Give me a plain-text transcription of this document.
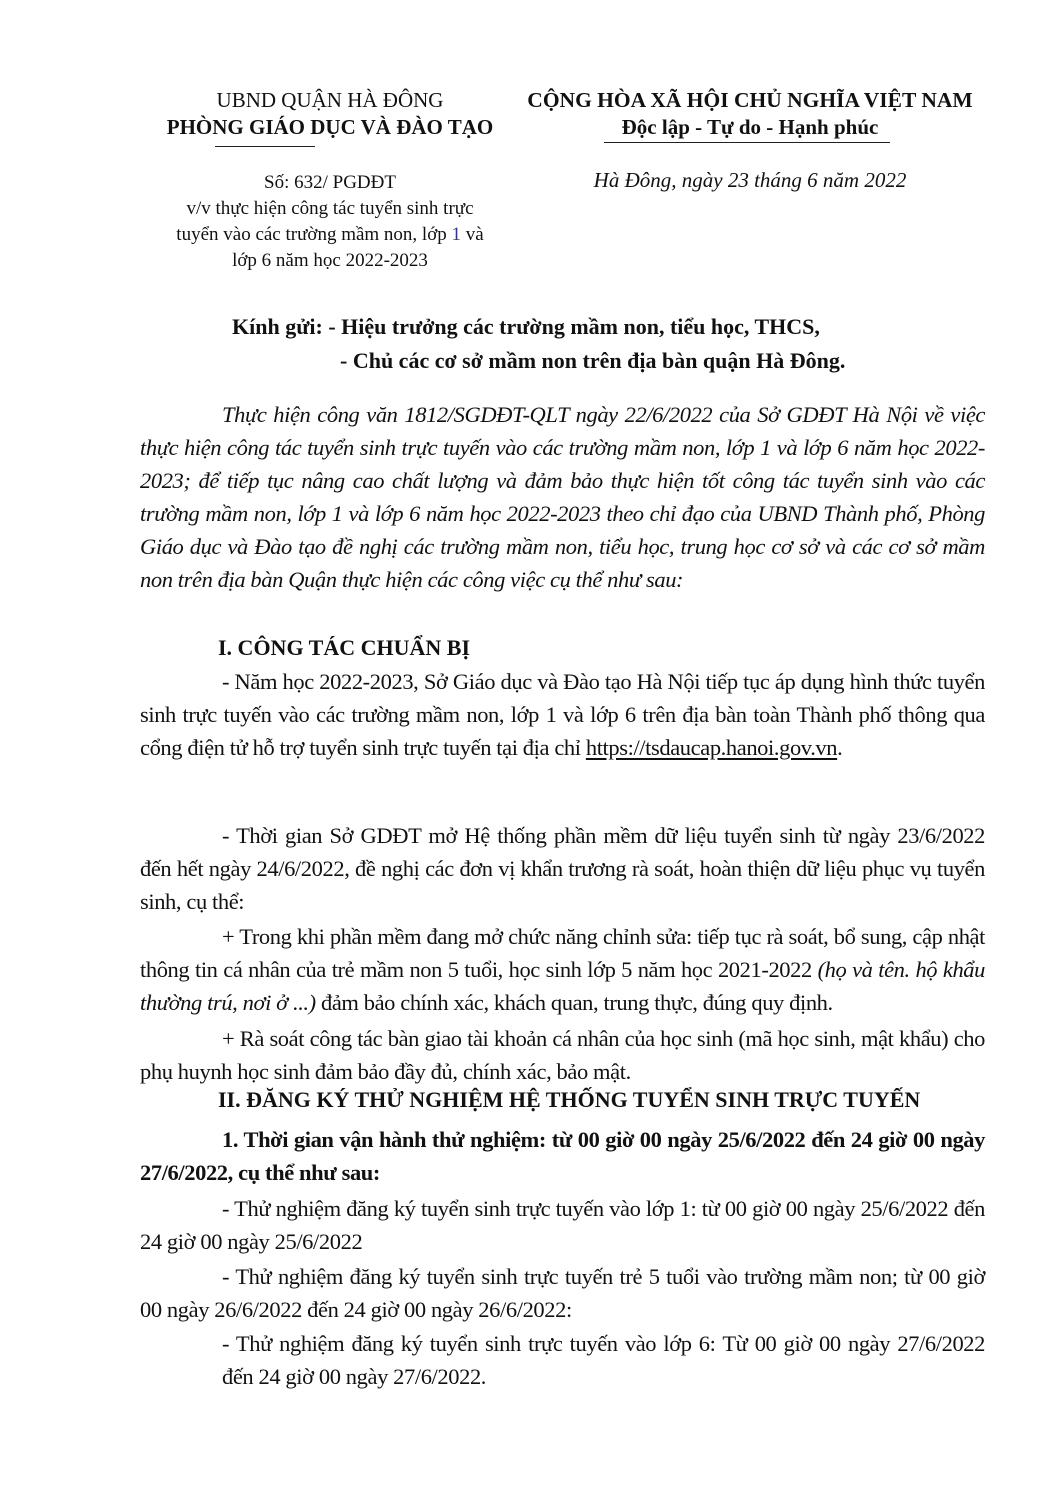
UBND QUẬN HÀ ĐÔNG
PHÒNG GIÁO DỤC VÀ ĐÀO TẠO
Số: 632/ PGDĐT
v/v thực hiện công tác tuyển sinh trực
tuyển vào các trường mầm non, lớp 1 và
lớp 6 năm học 2022-2023
CỘNG HÒA XÃ HỘI CHỦ NGHĨA VIỆT NAM
Độc lập - Tự do - Hạnh phúc
Hà Đông, ngày 23 tháng 6 năm 2022
Kính gửi: - Hiệu trưởng các trường mầm non, tiểu học, THCS,
- Chủ các cơ sở mầm non trên địa bàn quận Hà Đông.
Thực hiện công văn 1812/SGDĐT-QLT ngày 22/6/2022 của Sở GDĐT Hà Nội về việc thực hiện công tác tuyển sinh trực tuyến vào các trường mầm non, lớp 1 và lớp 6 năm học 2022-2023; để tiếp tục nâng cao chất lượng và đảm bảo thực hiện tốt công tác tuyển sinh vào các trường mầm non, lớp 1 và lớp 6 năm học 2022-2023 theo chỉ đạo của UBND Thành phố, Phòng Giáo dục và Đào tạo đề nghị các trường mầm non, tiểu học, trung học cơ sở và các cơ sở mầm non trên địa bàn Quận thực hiện các công việc cụ thể như sau:
I. CÔNG TÁC CHUẨN BỊ
- Năm học 2022-2023, Sở Giáo dục và Đào tạo Hà Nội tiếp tục áp dụng hình thức tuyển sinh trực tuyến vào các trường mầm non, lớp 1 và lớp 6 trên địa bàn toàn Thành phố thông qua cổng điện tử hỗ trợ tuyển sinh trực tuyến tại địa chỉ https://tsdaucap.hanoi.gov.vn.
- Thời gian Sở GDĐT mở Hệ thống phần mềm dữ liệu tuyển sinh từ ngày 23/6/2022 đến hết ngày 24/6/2022, đề nghị các đơn vị khẩn trương rà soát, hoàn thiện dữ liệu phục vụ tuyển sinh, cụ thể:
+ Trong khi phần mềm đang mở chức năng chỉnh sửa: tiếp tục rà soát, bổ sung, cập nhật thông tin cá nhân của trẻ mầm non 5 tuổi, học sinh lớp 5 năm học 2021-2022 (họ và tên. hộ khẩu thường trú, nơi ở ...) đảm bảo chính xác, khách quan, trung thực, đúng quy định.
+ Rà soát công tác bàn giao tài khoản cá nhân của học sinh (mã học sinh, mật khẩu) cho phụ huynh học sinh đảm bảo đầy đủ, chính xác, bảo mật.
II. ĐĂNG KÝ THỬ NGHIỆM HỆ THỐNG TUYỂN SINH TRỰC TUYẾN
1. Thời gian vận hành thử nghiệm: từ 00 giờ 00 ngày 25/6/2022 đến 24 giờ 00 ngày 27/6/2022, cụ thể như sau:
- Thử nghiệm đăng ký tuyển sinh trực tuyến vào lớp 1: từ 00 giờ 00 ngày 25/6/2022 đến 24 giờ 00 ngày 25/6/2022
- Thử nghiệm đăng ký tuyển sinh trực tuyến trẻ 5 tuổi vào trường mầm non; từ 00 giờ 00 ngày 26/6/2022 đến 24 giờ 00 ngày 26/6/2022:
- Thử nghiệm đăng ký tuyển sinh trực tuyến vào lớp 6: Từ 00 giờ 00 ngày 27/6/2022 đến 24 giờ 00 ngày 27/6/2022.
